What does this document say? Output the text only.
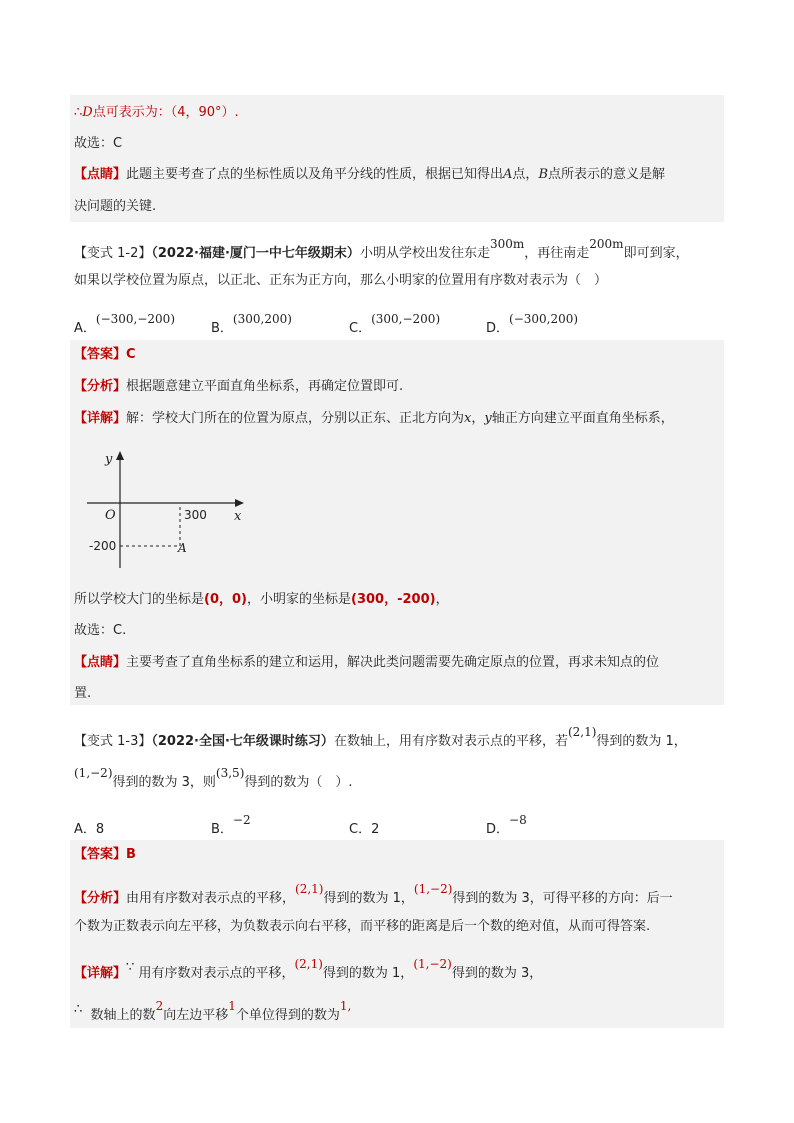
∴D点可表示为：（4，90°）.
故选：C
【点睛】此题主要考查了点的坐标性质以及角平分线的性质，根据已知得出A点，B点所表示的意义是解
决问题的关键.
【变式 1-2】（2022·福建·厦门一中七年级期末）小明从学校出发往东走300m，再往南走200m即可到家，
如果以学校位置为原点，以正北、正东为正方向，那么小明家的位置用有序数对表示为（　）
A．(−300,−200)
B．(300,200)
C．(300,−200)
D．(−300,200)
【答案】C
【分析】根据题意建立平面直角坐标系，再确定位置即可.
【详解】解：学校大门所在的位置为原点，分别以正东、正北方向为x，y轴正方向建立平面直角坐标系，
y
x
O	300
-200	A
所以学校大门的坐标是(0，0)，小明家的坐标是(300，-200)，
故选：C.
【点睛】主要考查了直角坐标系的建立和运用，解决此类问题需要先确定原点的位置，再求未知点的位
置.
【变式 1-3】（2022·全国·七年级课时练习）在数轴上，用有序数对表示点的平移，若(2,1)得到的数为 1，
(1,−2)得到的数为 3，则(3,5)得到的数为（　）.
A．8	B．−2
C．2	D．−8
【答案】B
【分析】由用有序数对表示点的平移，(2,1)得到的数为 1，(1,−2)得到的数为 3，可得平移的方向：后一
个数为正数表示向左平移，为负数表示向右平移，而平移的距离是后一个数的绝对值，从而可得答案.
【详解】∵ 用有序数对表示点的平移，(2,1)得到的数为 1，(1,−2)得到的数为 3，
∴ 数轴上的数2向左边平移1个单位得到的数为1,
